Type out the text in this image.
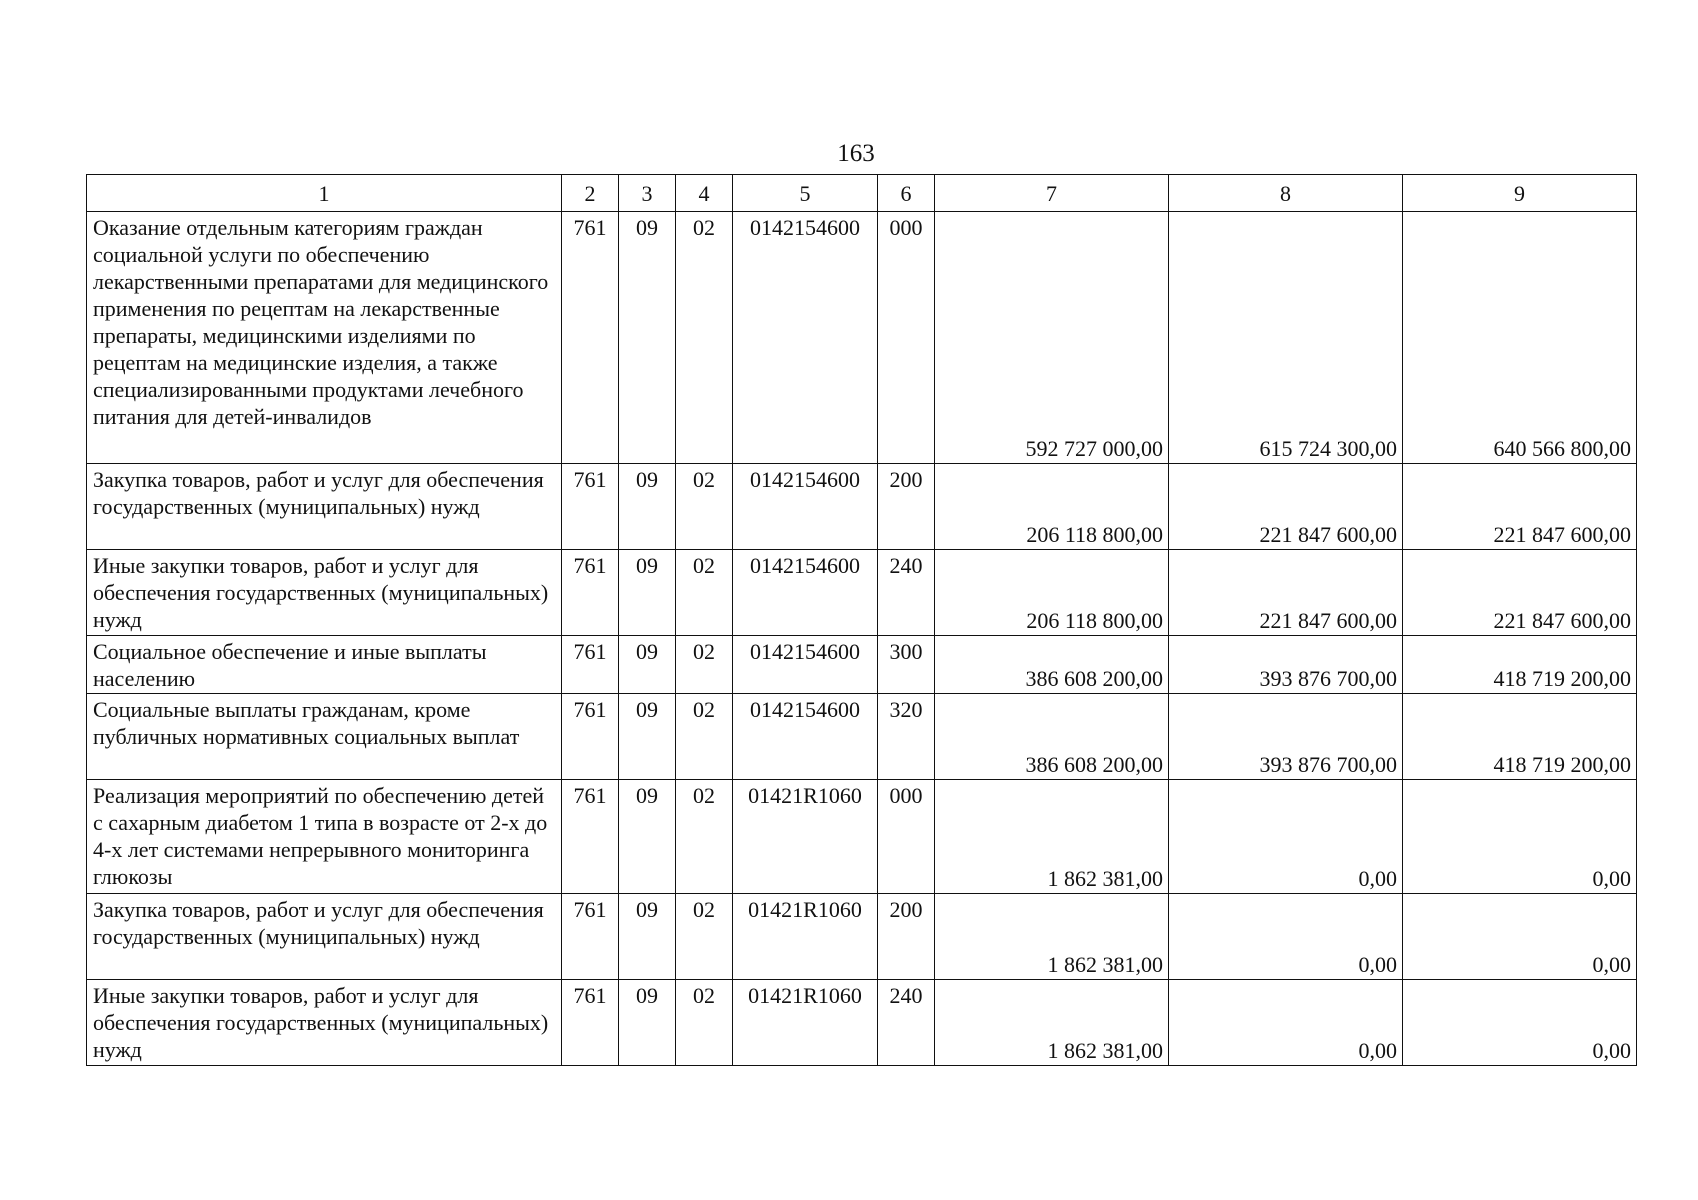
163
1	2	3	4	5	6	7	8	9
Оказание отдельным категориям граждан социальной услуги по обеспечению лекарственными препаратами для медицинского применения по рецептам на лекарственные препараты, медицинскими изделиями по рецептам на медицинские изделия, а также специализированными продуктами лечебного питания для детей-инвалидов	761	09	02	0142154600	000	592 727 000,00	615 724 300,00	640 566 800,00
Закупка товаров, работ и услуг для обеспечения государственных (муниципальных) нужд	761	09	02	0142154600	200	206 118 800,00	221 847 600,00	221 847 600,00
Иные закупки товаров, работ и услуг для обеспечения государственных (муниципальных) нужд	761	09	02	0142154600	240	206 118 800,00	221 847 600,00	221 847 600,00
Социальное обеспечение и иные выплаты населению	761	09	02	0142154600	300	386 608 200,00	393 876 700,00	418 719 200,00
Социальные выплаты гражданам, кроме публичных нормативных социальных выплат	761	09	02	0142154600	320	386 608 200,00	393 876 700,00	418 719 200,00
Реализация мероприятий по обеспечению детей с сахарным диабетом 1 типа в возрасте от 2-х до 4-х лет системами непрерывного мониторинга глюкозы	761	09	02	01421R1060	000	1 862 381,00	0,00	0,00
Закупка товаров, работ и услуг для обеспечения государственных (муниципальных) нужд	761	09	02	01421R1060	200	1 862 381,00	0,00	0,00
Иные закупки товаров, работ и услуг для обеспечения государственных (муниципальных) нужд	761	09	02	01421R1060	240	1 862 381,00	0,00	0,00
